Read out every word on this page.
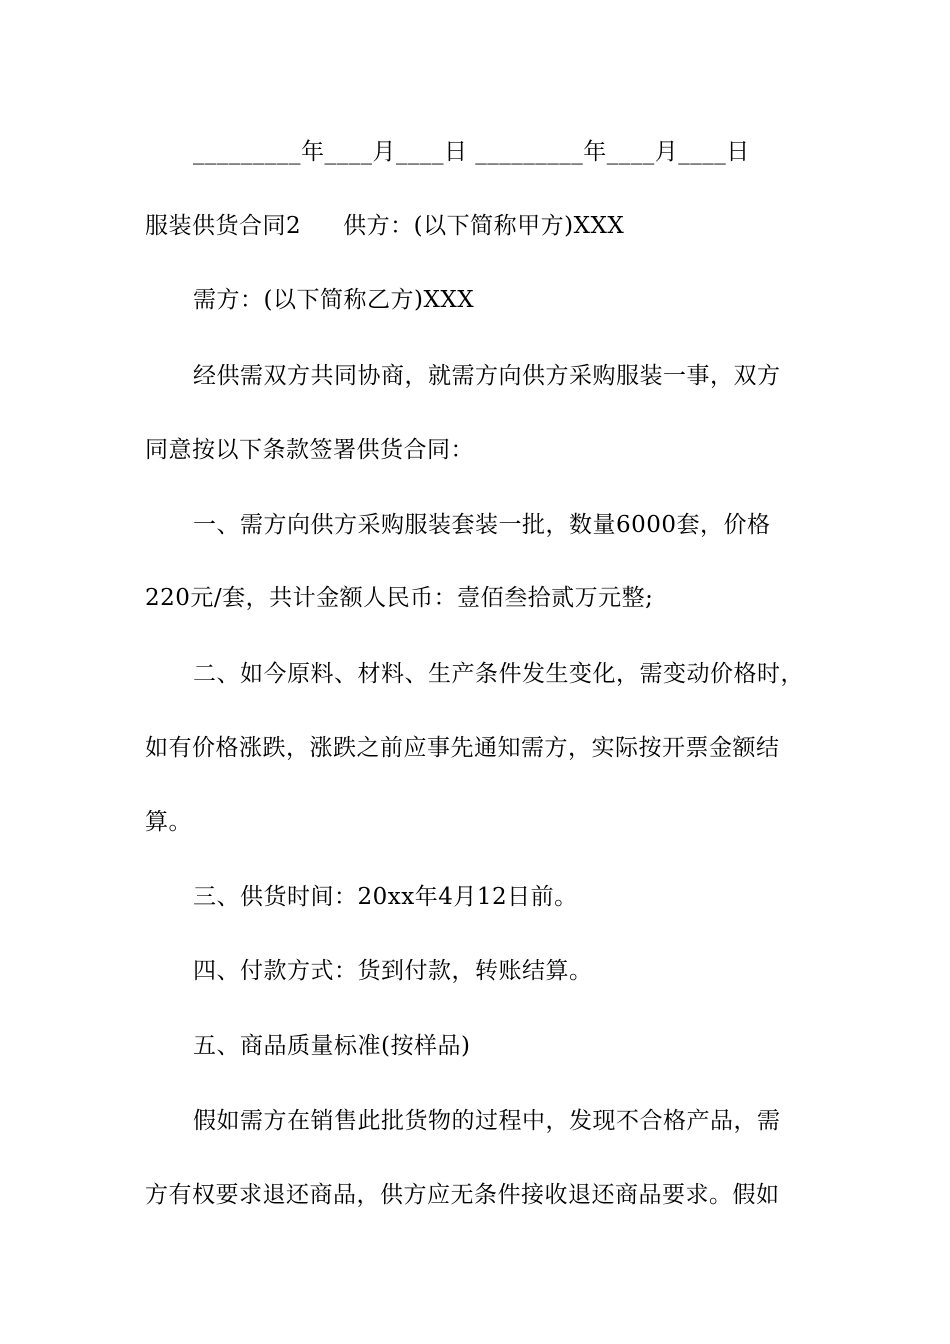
_________年____月____日 _________年____月____日
服装供货合同2 供方：(以下简称甲方)XXX
需方：(以下简称乙方)XXX
经供需双方共同协商，就需方向供方采购服装一事，双方
同意按以下条款签署供货合同：
一、需方向供方采购服装套装一批，数量6000套，价格
220元/套，共计金额人民币：壹佰叁拾贰万元整;
二、如今原料、材料、生产条件发生变化，需变动价格时，
如有价格涨跌，涨跌之前应事先通知需方，实际按开票金额结
算。
三、供货时间：20xx年4月12日前。
四、付款方式：货到付款，转账结算。
五、商品质量标准(按样品)
假如需方在销售此批货物的过程中，发现不合格产品，需
方有权要求退还商品，供方应无条件接收退还商品要求。假如
